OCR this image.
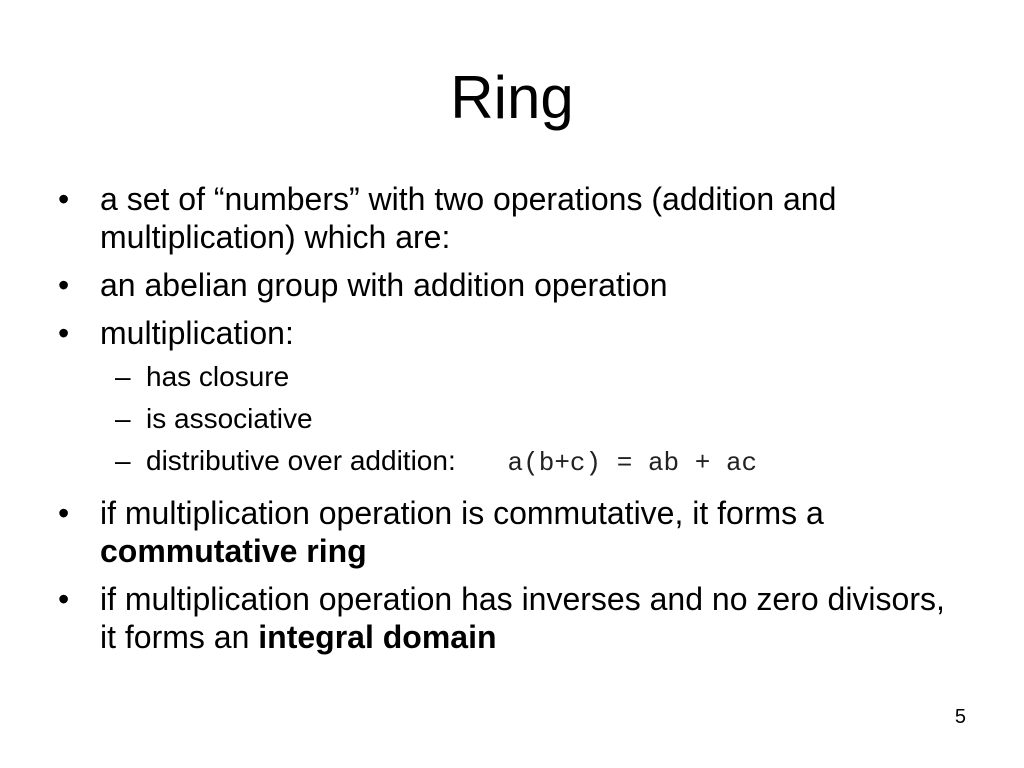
Ring
• a set of “numbers” with two operations (addition and multiplication) which are:
• an abelian group with addition operation
• multiplication:
– has closure
– is associative
– distributive over addition: a(b+c) = ab + ac
• if multiplication operation is commutative, it forms a commutative ring
• if multiplication operation has inverses and no zero divisors, it forms an integral domain
5
